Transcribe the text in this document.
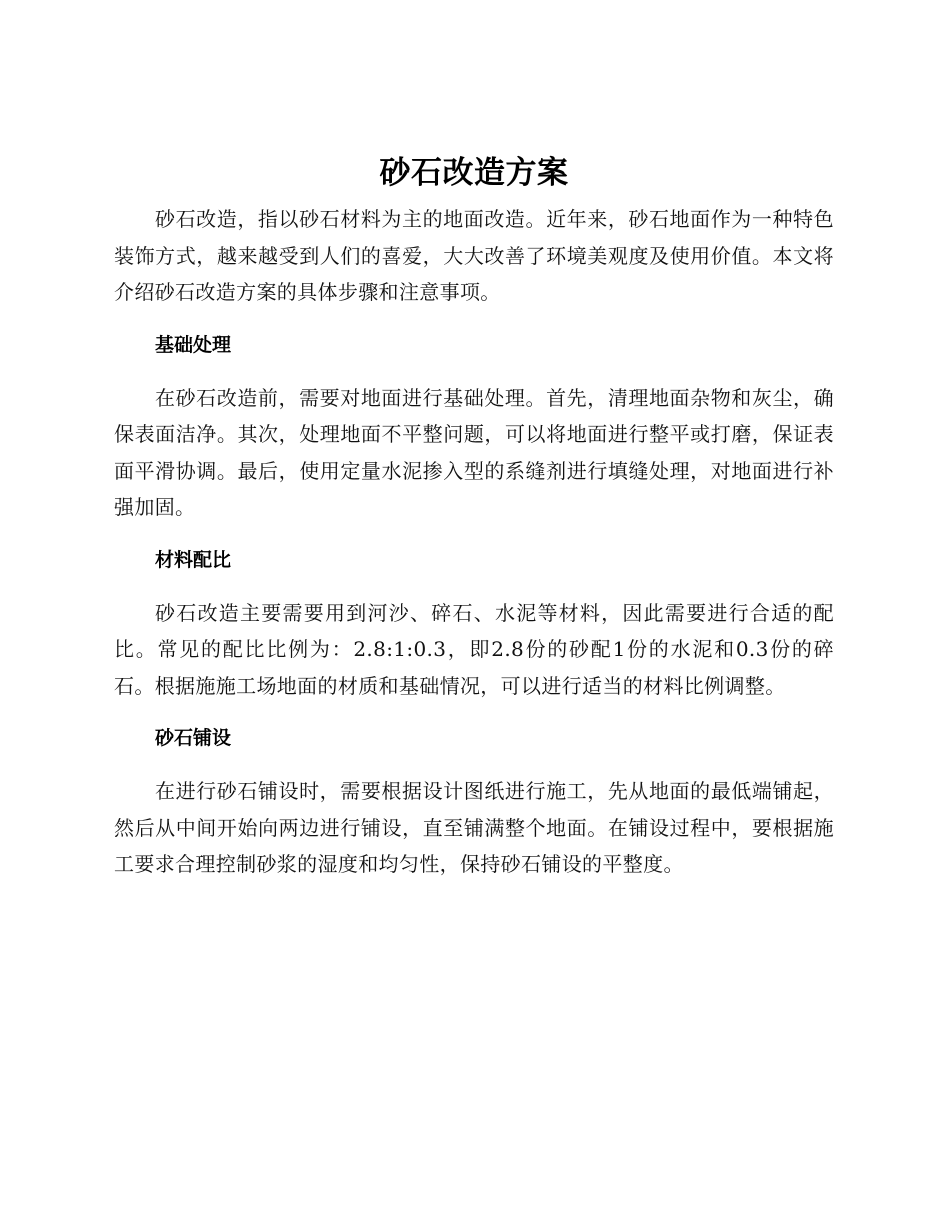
砂石改造方案

砂石改造，指以砂石材料为主的地面改造。近年来，砂石地面作为一种特色装饰方式，越来越受到人们的喜爱，大大改善了环境美观度及使用价值。本文将介绍砂石改造方案的具体步骤和注意事项。

基础处理

在砂石改造前，需要对地面进行基础处理。首先，清理地面杂物和灰尘，确保表面洁净。其次，处理地面不平整问题，可以将地面进行整平或打磨，保证表面平滑协调。最后，使用定量水泥掺入型的系缝剂进行填缝处理，对地面进行补强加固。

材料配比

砂石改造主要需要用到河沙、碎石、水泥等材料，因此需要进行合适的配比。常见的配比比例为：2.8:1:0.3，即2.8份的砂配1份的水泥和0.3份的碎石。根据施施工场地面的材质和基础情况，可以进行适当的材料比例调整。

砂石铺设

在进行砂石铺设时，需要根据设计图纸进行施工，先从地面的最低端铺起，然后从中间开始向两边进行铺设，直至铺满整个地面。在铺设过程中，要根据施工要求合理控制砂浆的湿度和均匀性，保持砂石铺设的平整度。
